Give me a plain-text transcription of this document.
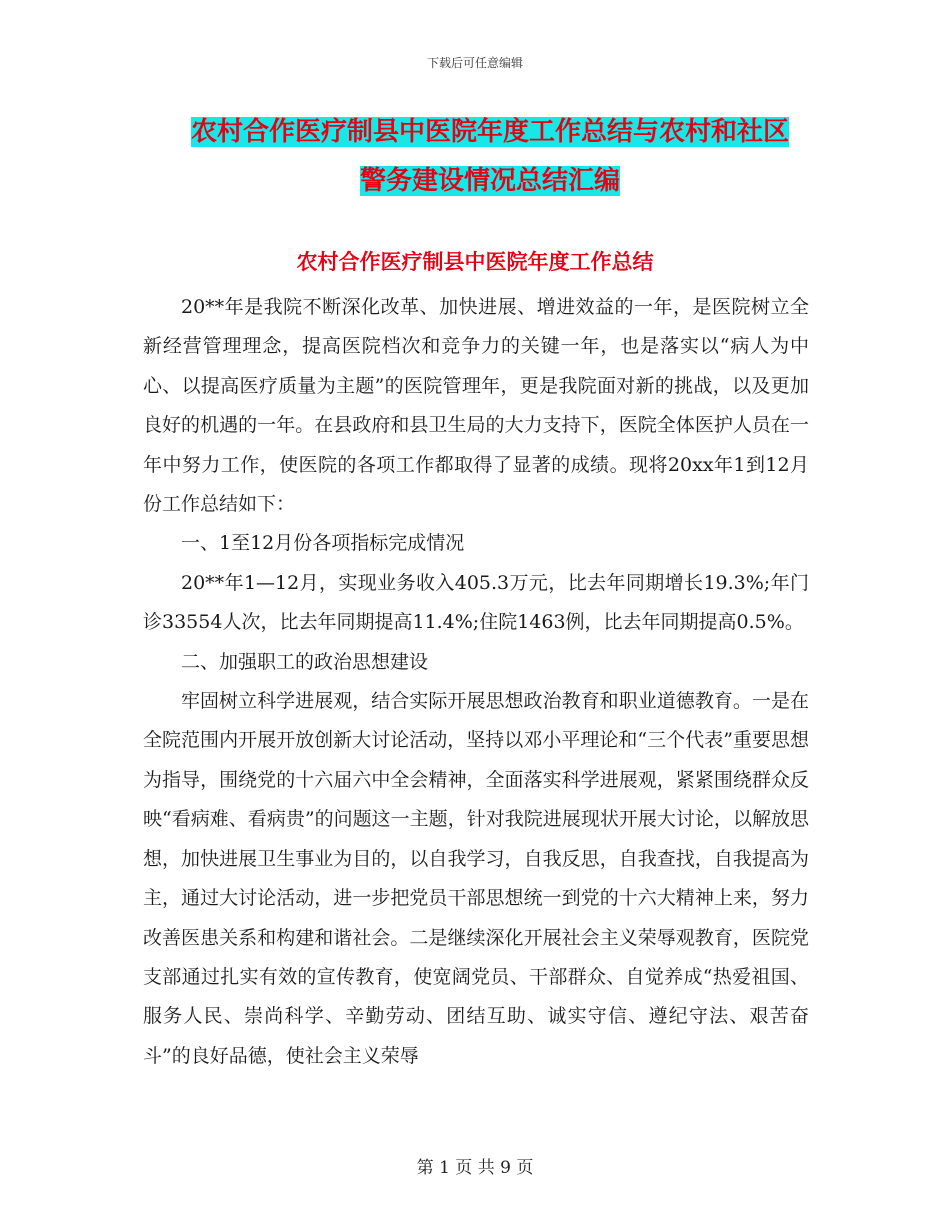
下载后可任意编辑
农村合作医疗制县中医院年度工作总结与农村和社区
警务建设情况总结汇编
农村合作医疗制县中医院年度工作总结

20**年是我院不断深化改革、加快进展、增进效益的一年，是医院树立全新经营管理理念，提高医院档次和竞争力的关键一年，也是落实以“病人为中心、以提高医疗质量为主题”的医院管理年，更是我院面对新的挑战，以及更加良好的机遇的一年。在县政府和县卫生局的大力支持下，医院全体医护人员在一年中努力工作，使医院的各项工作都取得了显著的成绩。现将20xx年1到12月份工作总结如下：

一、1至12月份各项指标完成情况

20**年1—12月，实现业务收入405.3万元，比去年同期增长19.3%;年门诊33554人次，比去年同期提高11.4%;住院1463例，比去年同期提高0.5%。

二、加强职工的政治思想建设

牢固树立科学进展观，结合实际开展思想政治教育和职业道德教育。一是在全院范围内开展开放创新大讨论活动，坚持以邓小平理论和“三个代表”重要思想为指导，围绕党的十六届六中全会精神，全面落实科学进展观，紧紧围绕群众反映“看病难、看病贵”的问题这一主题，针对我院进展现状开展大讨论，以解放思想，加快进展卫生事业为目的，以自我学习，自我反思，自我查找，自我提高为主，通过大讨论活动，进一步把党员干部思想统一到党的十六大精神上来，努力改善医患关系和构建和谐社会。二是继续深化开展社会主义荣辱观教育，医院党支部通过扎实有效的宣传教育，使宽阔党员、干部群众、自觉养成“热爱祖国、服务人民、崇尚科学、辛勤劳动、团结互助、诚实守信、遵纪守法、艰苦奋斗”的良好品德，使社会主义荣辱

第 1 页 共 9 页
